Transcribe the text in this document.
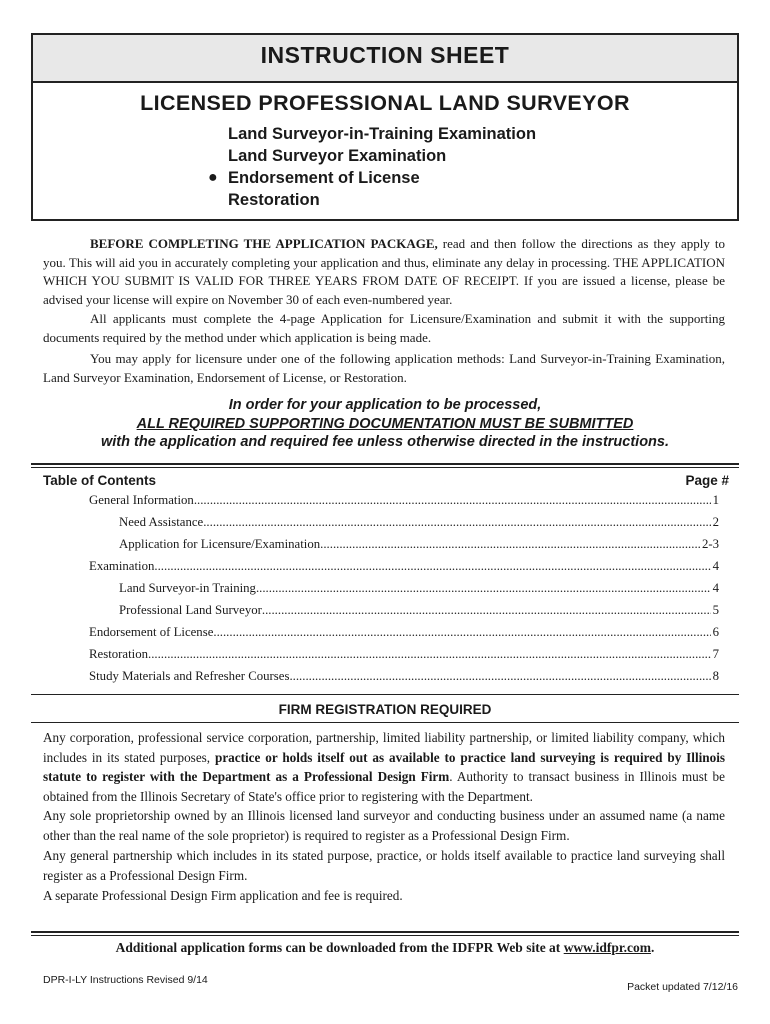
INSTRUCTION SHEET
LICENSED PROFESSIONAL LAND SURVEYOR
Land Surveyor-in-Training Examination
Land Surveyor Examination
● Endorsement of License
Restoration
BEFORE COMPLETING THE APPLICATION PACKAGE, read and then follow the directions as they apply to you. This will aid you in accurately completing your application and thus, eliminate any delay in processing. THE APPLICATION WHICH YOU SUBMIT IS VALID FOR THREE YEARS FROM DATE OF RECEIPT. If you are issued a license, please be advised your license will expire on November 30 of each even-numbered year.
All applicants must complete the 4-page Application for Licensure/Examination and submit it with the supporting documents required by the method under which application is being made.
You may apply for licensure under one of the following application methods: Land Surveyor-in-Training Examination, Land Surveyor Examination, Endorsement of License, or Restoration.
In order for your application to be processed,
ALL REQUIRED SUPPORTING DOCUMENTATION MUST BE SUBMITTED
with the application and required fee unless otherwise directed in the instructions.
Table of Contents	Page #
General Information .....	1
Need Assistance .....	2
Application for Licensure/Examination .....	2-3
Examination .....	4
Land Surveyor-in Training .....	4
Professional Land Surveyor .....	5
Endorsement of License .....	6
Restoration .....	7
Study Materials and Refresher Courses .....	8
FIRM REGISTRATION REQUIRED
Any corporation, professional service corporation, partnership, limited liability partnership, or limited liability company, which includes in its stated purposes, practice or holds itself out as available to practice land surveying is required by Illinois statute to register with the Department as a Professional Design Firm. Authority to transact business in Illinois must be obtained from the Illinois Secretary of State's office prior to registering with the Department.
Any sole proprietorship owned by an Illinois licensed land surveyor and conducting business under an assumed name (a name other than the real name of the sole proprietor) is required to register as a Professional Design Firm.
Any general partnership which includes in its stated purpose, practice, or holds itself available to practice land surveying shall register as a Professional Design Firm.
A separate Professional Design Firm application and fee is required.
Additional application forms can be downloaded from the IDFPR Web site at www.idfpr.com.
DPR-I-LY Instructions Revised 9/14
Packet updated 7/12/16
